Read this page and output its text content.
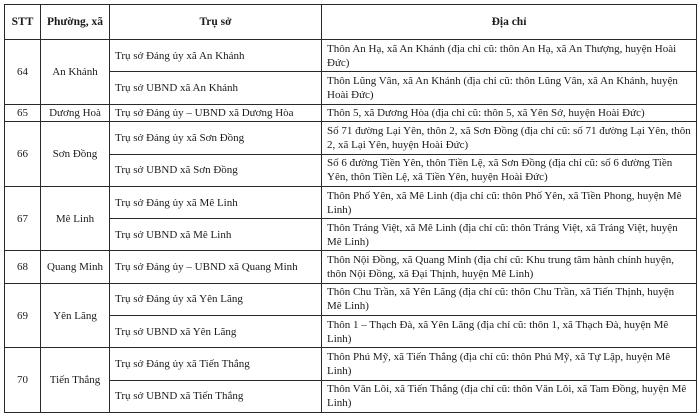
STT	Phường, xã	Trụ sở	Địa chỉ
64	An Khánh	Trụ sở Đảng ủy xã An Khánh	Thôn An Hạ, xã An Khánh (địa chỉ cũ: thôn An Hạ, xã An Thượng, huyện Hoài Đức)
		Trụ sở UBND xã An Khánh	Thôn Lũng Vân, xã An Khánh (địa chỉ cũ: thôn Lũng Vân, xã An Khánh, huyện Hoài Đức)
65	Dương Hoà	Trụ sở Đảng ủy – UBND xã Dương Hòa	Thôn 5, xã Dương Hòa (địa chỉ cũ: thôn 5, xã Yên Sở, huyện Hoài Đức)
66	Sơn Đồng	Trụ sở Đảng ủy xã Sơn Đồng	Số 71 đường Lại Yên, thôn 2, xã Sơn Đồng (địa chỉ cũ: số 71 đường Lại Yên, thôn 2, xã Lại Yên, huyện Hoài Đức)
		Trụ sở UBND xã Sơn Đồng	Số 6 đường Tiền Yên, thôn Tiền Lệ, xã Sơn Đồng (địa chỉ cũ: số 6 đường Tiền Yên, thôn Tiền Lệ, xã Tiền Yên, huyện Hoài Đức)
67	Mê Linh	Trụ sở Đảng ủy xã Mê Linh	Thôn Phố Yên, xã Mê Linh (địa chỉ cũ: thôn Phố Yên, xã Tiền Phong, huyện Mê Linh)
		Trụ sở UBND xã Mê Linh	Thôn Tráng Việt, xã Mê Linh (địa chỉ cũ: thôn Tráng Việt, xã Tráng Việt, huyện Mê Linh)
68	Quang Minh	Trụ sở Đảng ủy – UBND xã Quang Minh	Thôn Nội Đồng, xã Quang Minh (địa chỉ cũ: Khu trung tâm hành chính huyện, thôn Nội Đồng, xã Đại Thịnh, huyện Mê Linh)
69	Yên Lãng	Trụ sở Đảng ủy xã Yên Lãng	Thôn Chu Trần, xã Yên Lãng (địa chỉ cũ: thôn Chu Trần, xã Tiến Thịnh, huyện Mê Linh)
		Trụ sở UBND xã Yên Lãng	Thôn 1 – Thạch Đà, xã Yên Lãng (địa chỉ cũ: thôn 1, xã Thạch Đà, huyện Mê Linh)
70	Tiến Thắng	Trụ sở Đảng ủy xã Tiến Thắng	Thôn Phú Mỹ, xã Tiến Thắng (địa chỉ cũ: thôn Phú Mỹ, xã Tự Lập, huyện Mê Linh)
		Trụ sở UBND xã Tiến Thắng	Thôn Văn Lôi, xã Tiến Thắng (địa chỉ cũ: thôn Văn Lôi, xã Tam Đồng, huyện Mê Linh)
